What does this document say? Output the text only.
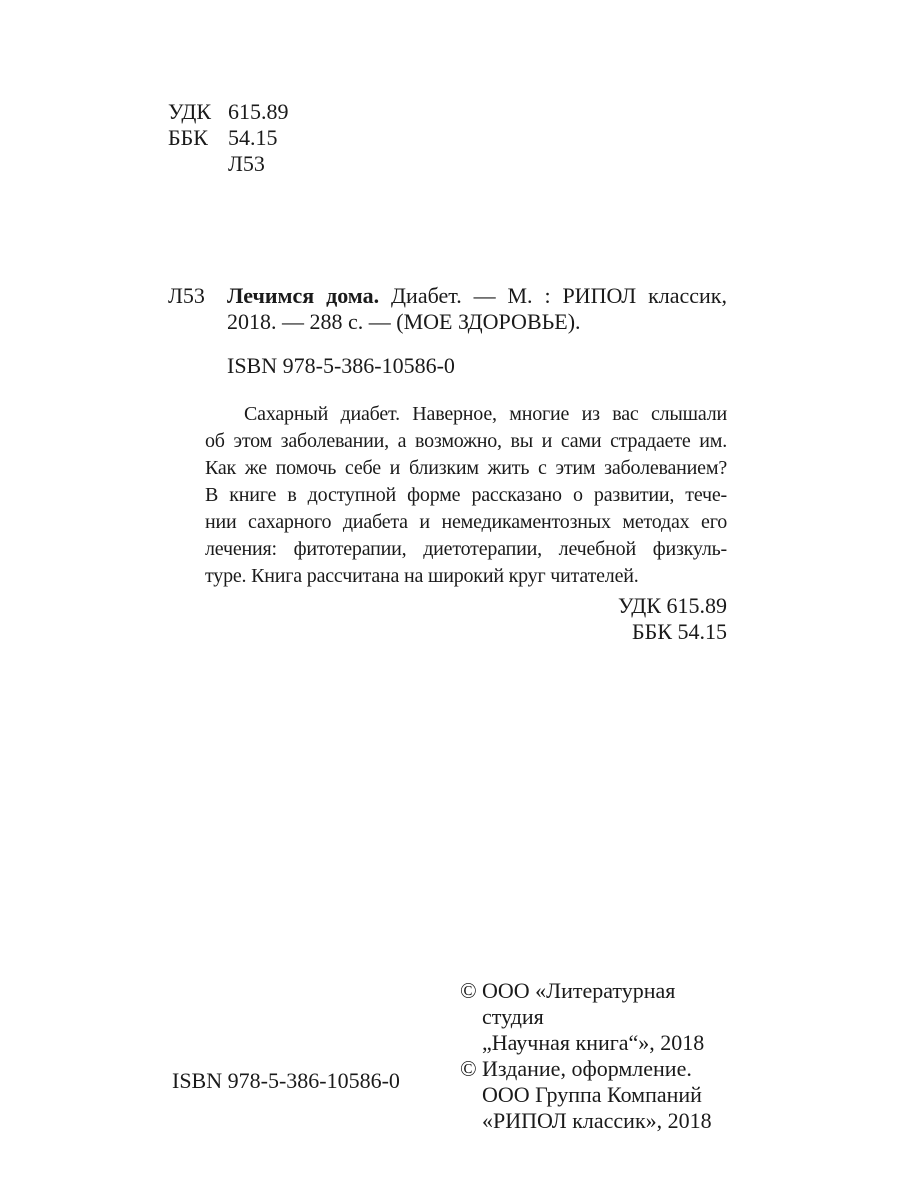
УДК 615.89
ББК 54.15
Л53
Л53 Лечимся дома. Диабет. — М. : РИПОЛ классик,
2018. — 288 с. — (МОЕ ЗДОРОВЬЕ).
ISBN 978-5-386-10586-0
Сахарный диабет. Наверное, многие из вас слышали
об этом заболевании, а возможно, вы и сами страдаете им.
Как же помочь себе и близким жить с этим заболеванием?
В книге в доступной форме рассказано о развитии, тече-
нии сахарного диабета и немедикаментозных методах его
лечения: фитотерапии, диетотерапии, лечебной физкуль-
туре. Книга рассчитана на широкий круг читателей.
УДК 615.89
ББК 54.15
© ООО «Литературная студия
„Научная книга“», 2018
© Издание, оформление.
ООО Группа Компаний
«РИПОЛ классик», 2018
ISBN 978-5-386-10586-0
